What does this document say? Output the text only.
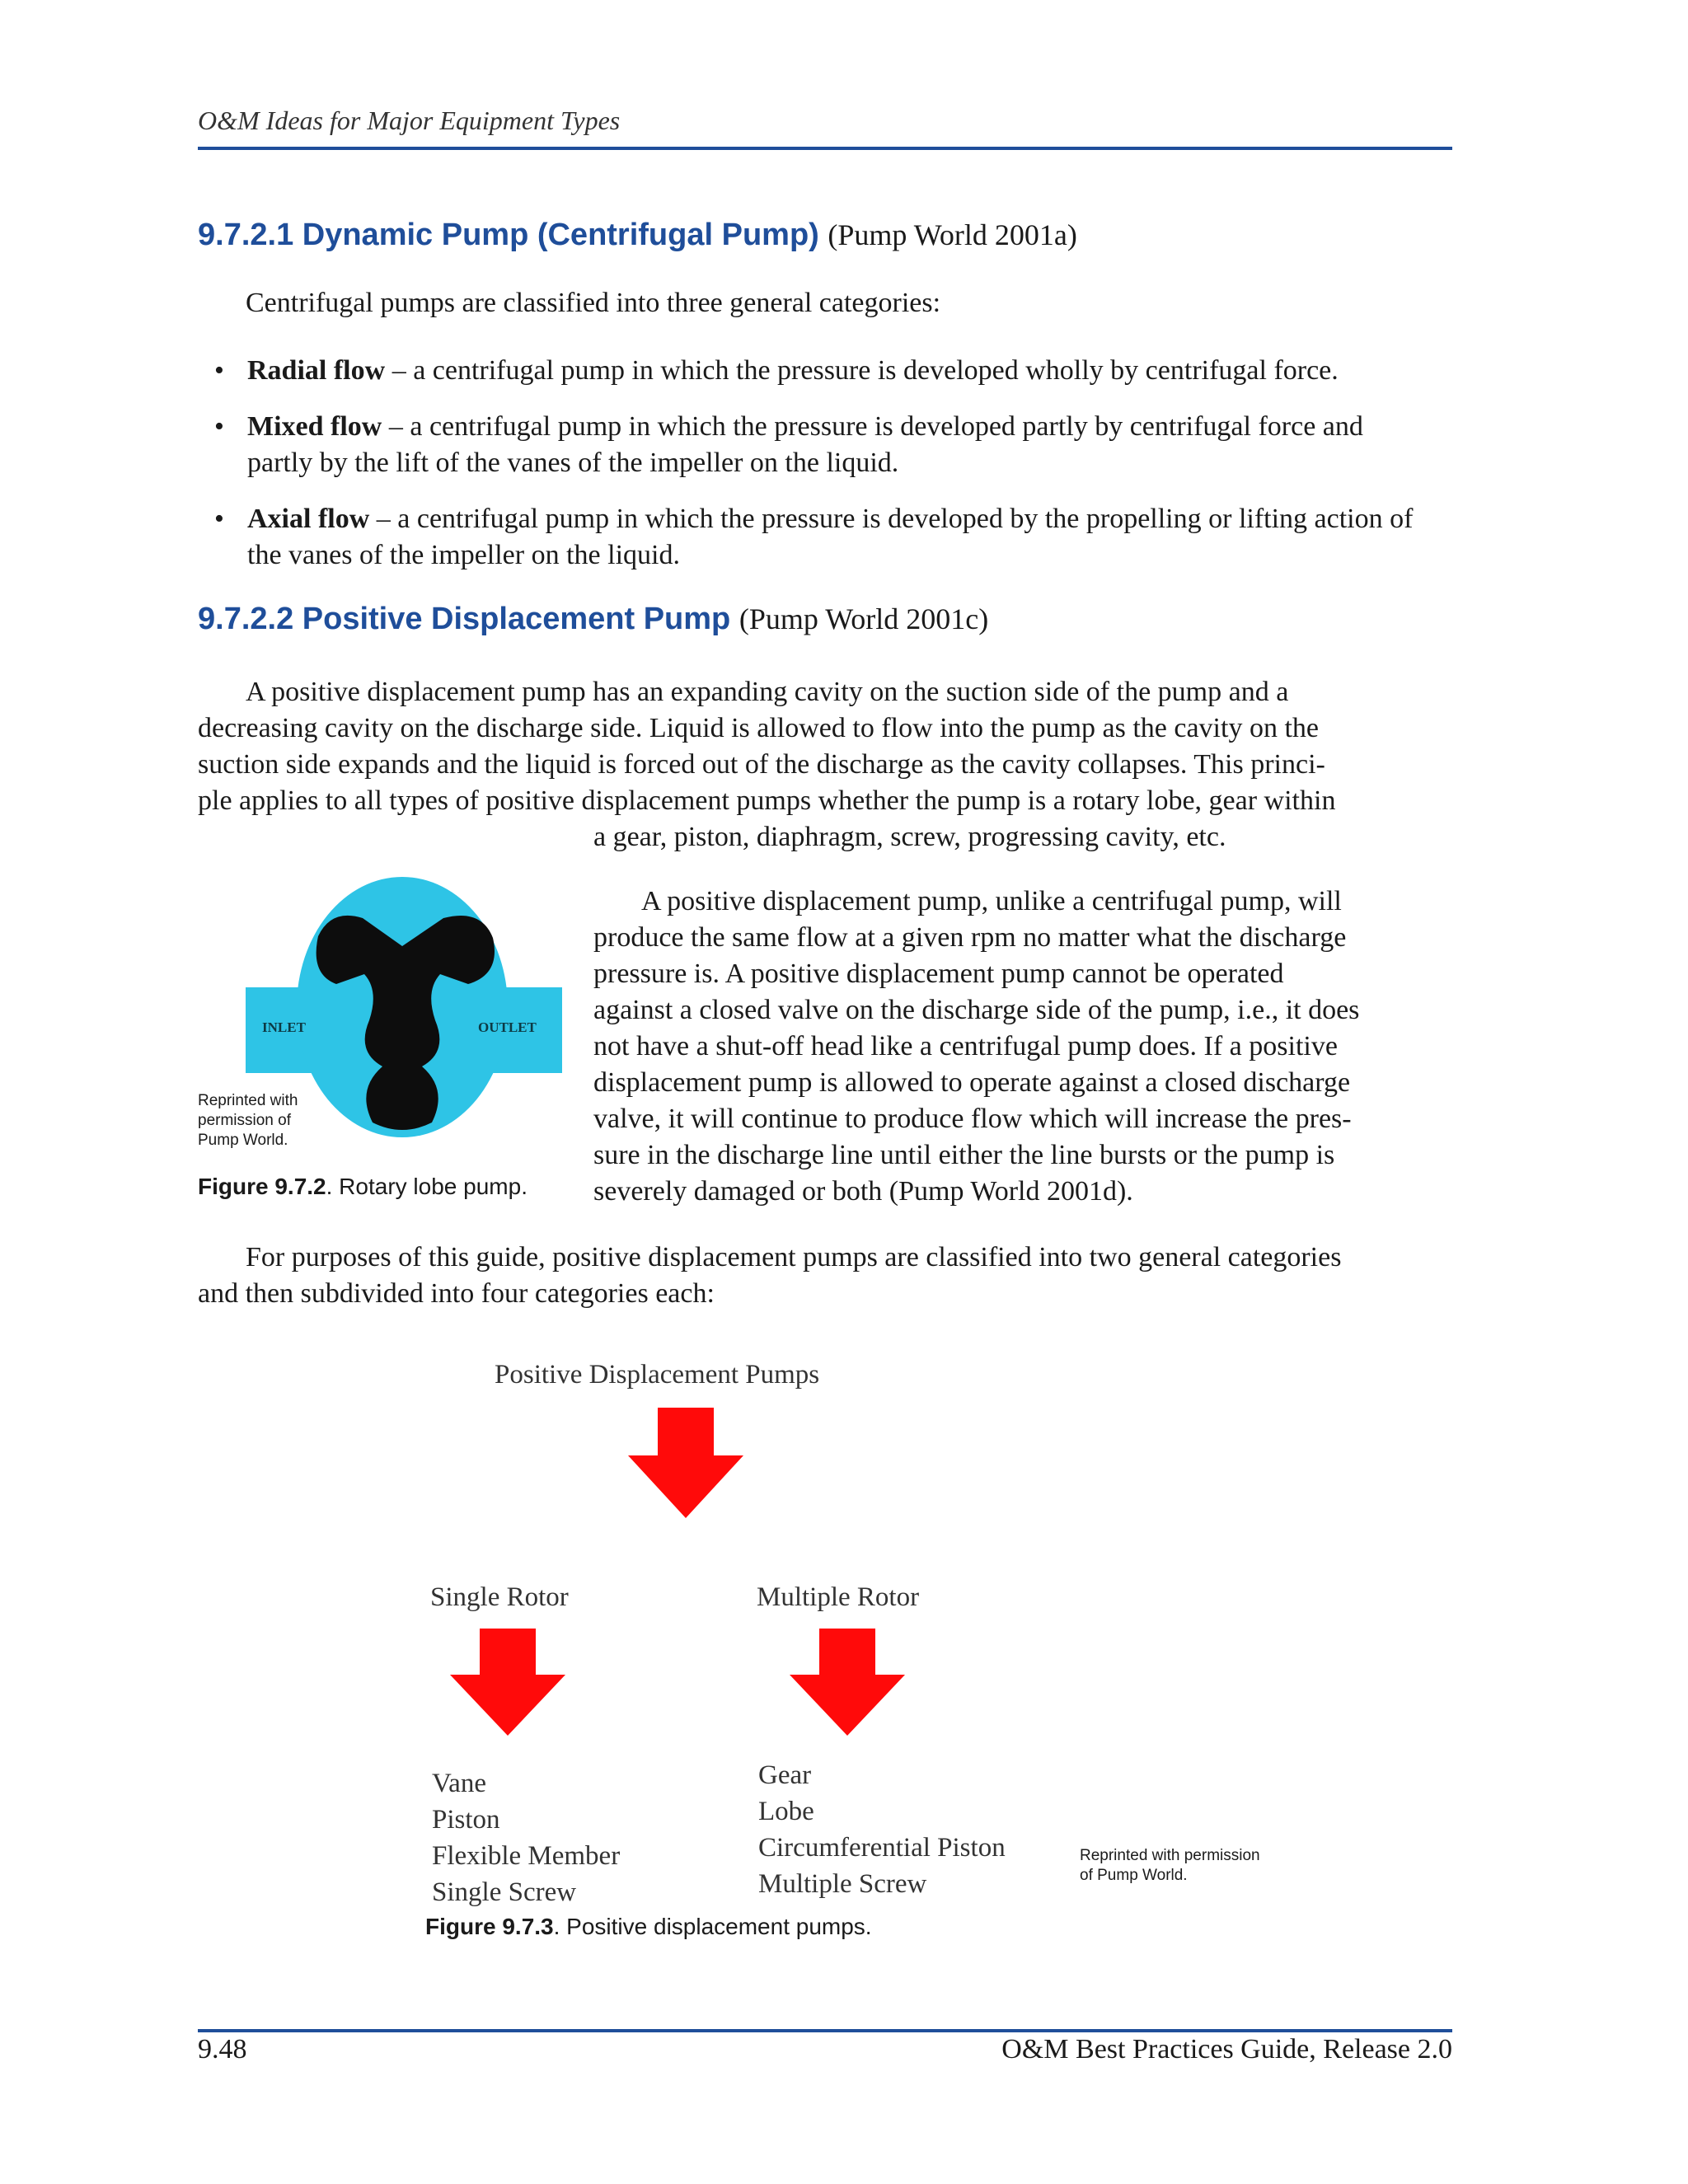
O&M Ideas for Major Equipment Types
9.7.2.1 Dynamic Pump (Centrifugal Pump) (Pump World 2001a)
Centrifugal pumps are classified into three general categories:
• Radial flow – a centrifugal pump in which the pressure is developed wholly by centrifugal force.
• Mixed flow – a centrifugal pump in which the pressure is developed partly by centrifugal force and partly by the lift of the vanes of the impeller on the liquid.
• Axial flow – a centrifugal pump in which the pressure is developed by the propelling or lifting action of the vanes of the impeller on the liquid.
9.7.2.2 Positive Displacement Pump (Pump World 2001c)
A positive displacement pump has an expanding cavity on the suction side of the pump and a
decreasing cavity on the discharge side. Liquid is allowed to flow into the pump as the cavity on the
suction side expands and the liquid is forced out of the discharge as the cavity collapses. This princi-
ple applies to all types of positive displacement pumps whether the pump is a rotary lobe, gear within
a gear, piston, diaphragm, screw, progressing cavity, etc.
INLET	OUTLET
Reprinted with
permission of
Pump World.
Figure 9.7.2. Rotary lobe pump.
A positive displacement pump, unlike a centrifugal pump, will
produce the same flow at a given rpm no matter what the discharge
pressure is. A positive displacement pump cannot be operated
against a closed valve on the discharge side of the pump, i.e., it does
not have a shut-off head like a centrifugal pump does. If a positive
displacement pump is allowed to operate against a closed discharge
valve, it will continue to produce flow which will increase the pres-
sure in the discharge line until either the line bursts or the pump is
severely damaged or both (Pump World 2001d).
For purposes of this guide, positive displacement pumps are classified into two general categories
and then subdivided into four categories each:
Positive Displacement Pumps
Single Rotor	Multiple Rotor
Vane
Piston
Flexible Member
Single Screw
Gear
Lobe
Circumferential Piston
Multiple Screw
Reprinted with permission
of Pump World.
Figure 9.7.3. Positive displacement pumps.
9.48	O&M Best Practices Guide, Release 2.0
